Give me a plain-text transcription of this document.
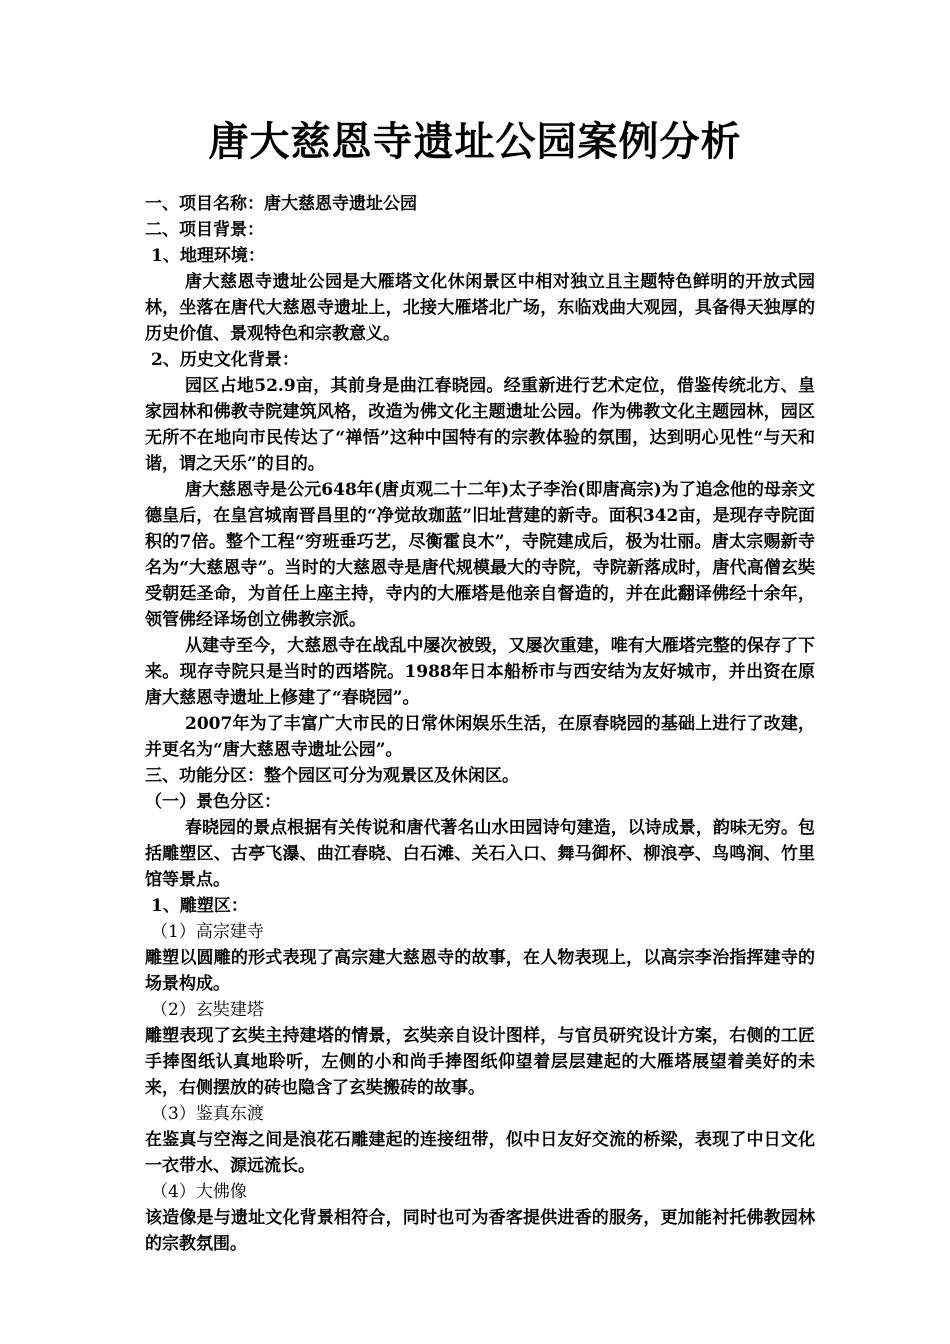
唐大慈恩寺遗址公园案例分析

一、项目名称：唐大慈恩寺遗址公园

二、项目背景：

1、地理环境：

唐大慈恩寺遗址公园是大雁塔文化休闲景区中相对独立且主题特色鲜明的开放式园林，坐落在唐代大慈恩寺遗址上，北接大雁塔北广场，东临戏曲大观园，具备得天独厚的历史价值、景观特色和宗教意义。

2、历史文化背景：

园区占地52.9亩，其前身是曲江春晓园。经重新进行艺术定位，借鉴传统北方、皇家园林和佛教寺院建筑风格，改造为佛文化主题遗址公园。作为佛教文化主题园林，园区无所不在地向市民传达了“禅悟”这种中国特有的宗教体验的氛围，达到明心见性“与天和谐，谓之天乐”的目的。

唐大慈恩寺是公元648年(唐贞观二十二年)太子李治(即唐高宗)为了追念他的母亲文德皇后，在皇宫城南晋昌里的“净觉故珈蓝”旧址营建的新寺。面积342亩，是现存寺院面积的7倍。整个工程“穷班垂巧艺，尽衡霍良木”，寺院建成后，极为壮丽。唐太宗赐新寺名为“大慈恩寺”。当时的大慈恩寺是唐代规模最大的寺院，寺院新落成时，唐代高僧玄奘受朝廷圣命，为首任上座主持，寺内的大雁塔是他亲自督造的，并在此翻译佛经十余年，领管佛经译场创立佛教宗派。

从建寺至今，大慈恩寺在战乱中屡次被毁，又屡次重建，唯有大雁塔完整的保存了下来。现存寺院只是当时的西塔院。1988年日本船桥市与西安结为友好城市，并出资在原唐大慈恩寺遗址上修建了“春晓园”。

2007年为了丰富广大市民的日常休闲娱乐生活，在原春晓园的基础上进行了改建，并更名为“唐大慈恩寺遗址公园”。

三、功能分区：整个园区可分为观景区及休闲区。

（一）景色分区：

春晓园的景点根据有关传说和唐代著名山水田园诗句建造，以诗成景，韵味无穷。包括雕塑区、古亭飞瀑、曲江春晓、白石滩、关石入口、舞马御杯、柳浪亭、鸟鸣涧、竹里馆等景点。

1、雕塑区：

（1）高宗建寺

雕塑以圆雕的形式表现了高宗建大慈恩寺的故事，在人物表现上，以高宗李治指挥建寺的场景构成。

（2）玄奘建塔

雕塑表现了玄奘主持建塔的情景，玄奘亲自设计图样，与官员研究设计方案，右侧的工匠手捧图纸认真地聆听，左侧的小和尚手捧图纸仰望着层层建起的大雁塔展望着美好的未来，右侧摆放的砖也隐含了玄奘搬砖的故事。

（3）鉴真东渡

在鉴真与空海之间是浪花石雕建起的连接纽带，似中日友好交流的桥梁，表现了中日文化一衣带水、源远流长。

（4）大佛像

该造像是与遗址文化背景相符合，同时也可为香客提供进香的服务，更加能衬托佛教园林的宗教氛围。
